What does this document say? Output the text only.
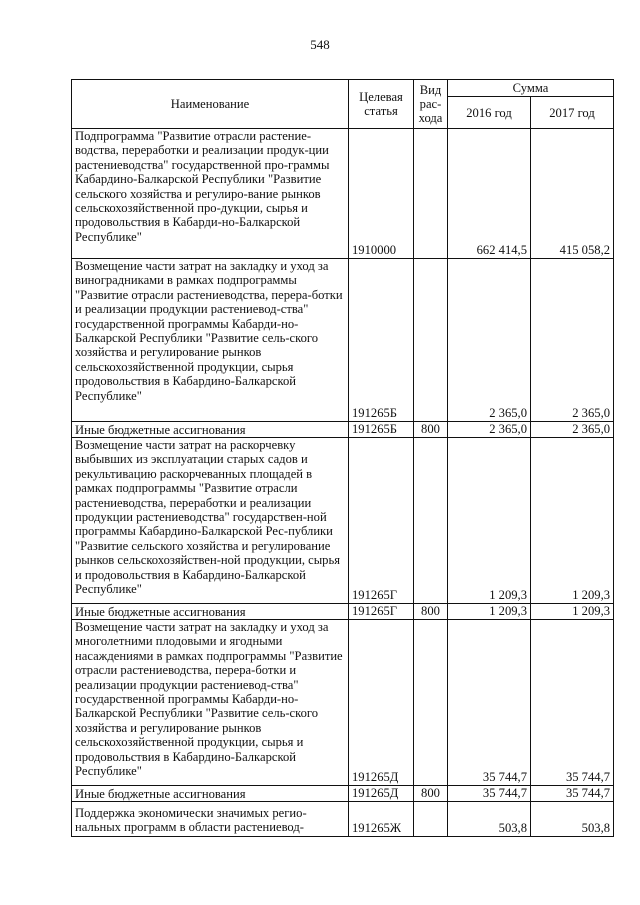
548
Наименование	Целевая статья	Вид рас-хода	Сумма	
			2016 год	2017 год
Подпрограмма "Развитие отрасли растение-водства, переработки и реализации продук-ции растениеводства" государственной про-граммы Кабардино-Балкарской Республики "Развитие сельского хозяйства и регулиро-вание рынков сельскохозяйственной про-дукции, сырья и продовольствия в Кабарди-но-Балкарской Республике"	1910000		662 414,5	415 058,2
Возмещение части затрат на закладку и уход за виноградниками в рамках подпрограммы "Развитие отрасли растениеводства, перера-ботки и реализации продукции растениевод-ства" государственной программы Кабарди-но-Балкарской Республики "Развитие сель-ского хозяйства и регулирование рынков сельскохозяйственной продукции, сырья продовольствия в Кабардино-Балкарской Республике"	191265Б		2 365,0	2 365,0
Иные бюджетные ассигнования	191265Б	800	2 365,0	2 365,0
Возмещение части затрат на раскорчевку выбывших из эксплуатации старых садов и рекультивацию раскорчеванных площадей в рамках подпрограммы "Развитие отрасли растениеводства, переработки и реализации продукции растениеводства" государствен-ной программы Кабардино-Балкарской Рес-публики "Развитие сельского хозяйства и регулирование рынков сельскохозяйствен-ной продукции, сырья и продовольствия в Кабардино-Балкарской Республике"	191265Г		1 209,3	1 209,3
Иные бюджетные ассигнования	191265Г	800	1 209,3	1 209,3
Возмещение части затрат на закладку и уход за многолетними плодовыми и ягодными насаждениями в рамках подпрограммы "Развитие отрасли растениеводства, перера-ботки и реализации продукции растениевод-ства" государственной программы Кабарди-но-Балкарской Республики "Развитие сель-ского хозяйства и регулирование рынков сельскохозяйственной продукции, сырья и продовольствия в Кабардино-Балкарской Республике"	191265Д		35 744,7	35 744,7
Иные бюджетные ассигнования	191265Д	800	35 744,7	35 744,7
Поддержка экономически значимых регио-нальных программ в области растениевод-	191265Ж		503,8	503,8
